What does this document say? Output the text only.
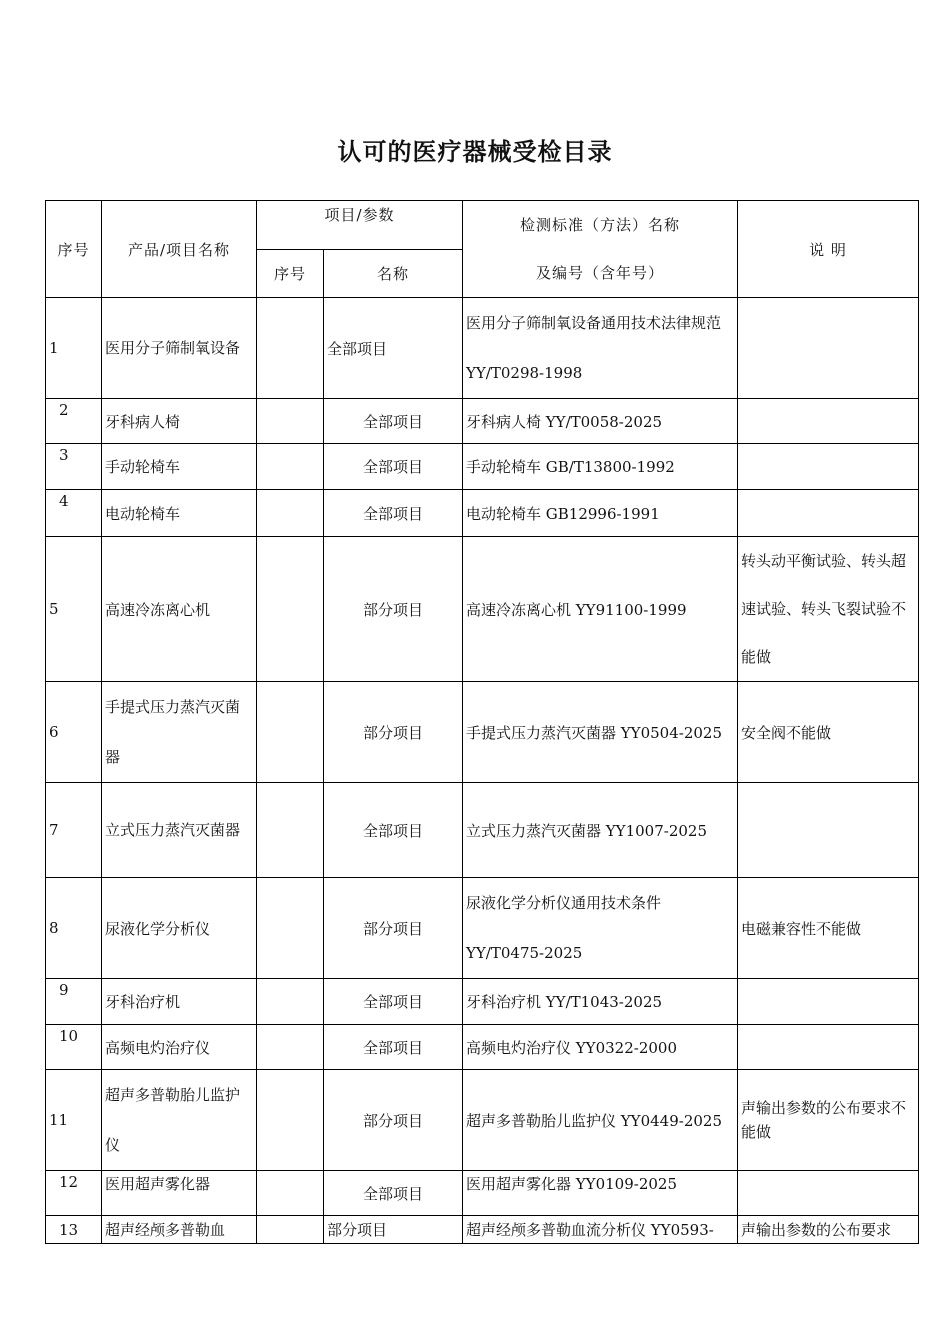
认可的医疗器械受检目录
序号	产品/项目名称	项目/参数		检测标准（方法）名称
及编号（含年号）	说 明
		序号	名称		
1	医用分子筛制氧设备		全部项目	医用分子筛制氧设备通用技术法律规范YY/T0298-1998	
2	牙科病人椅		全部项目	牙科病人椅 YY/T0058-2025	
3	手动轮椅车		全部项目	手动轮椅车 GB/T13800-1992	
4	电动轮椅车		全部项目	电动轮椅车 GB12996-1991	
5	高速冷冻离心机		部分项目	高速冷冻离心机 YY91100-1999	转头动平衡试验、转头超速试验、转头飞裂试验不能做
6	手提式压力蒸汽灭菌器		部分项目	手提式压力蒸汽灭菌器 YY0504-2025	安全阀不能做
7	立式压力蒸汽灭菌器		全部项目	立式压力蒸汽灭菌器 YY1007-2025	
8	尿液化学分析仪		部分项目	尿液化学分析仪通用技术条件 YY/T0475-2025	电磁兼容性不能做
9	牙科治疗机		全部项目	牙科治疗机 YY/T1043-2025	
10	高频电灼治疗仪		全部项目	高频电灼治疗仪 YY0322-2000	
11	超声多普勒胎儿监护仪		部分项目	超声多普勒胎儿监护仪 YY0449-2025	声输出参数的公布要求不能做
12	医用超声雾化器		全部项目	医用超声雾化器 YY0109-2025	
13	超声经颅多普勒血		部分项目	超声经颅多普勒血流分析仪 YY0593-	声输出参数的公布要求
